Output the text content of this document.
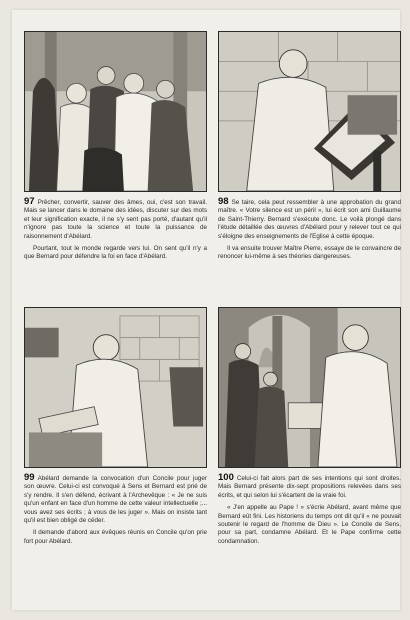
97 Prêcher, convertir, sauver des âmes, oui, c'est son travail. Mais se lancer dans le domaine des idées, discuter sur des mots et leur signification exacte, il ne s'y sent pas porté, d'autant qu'il n'ignore pas toute la science et toute la puissance de raisonnement d'Abélard.

Pourtant, tout le monde regarde vers lui. On sent qu'il n'y a que Bernard pour défendre la foi en face d'Abélard.

98 Se taire, cela peut ressembler à une approbation du grand maître. « Votre silence est un péril », lui écrit son ami Guillaume de Saint-Thierry. Bernard s'exécute donc. Le voilà plongé dans l'étude détaillée des œuvres d'Abélard pour y relever tout ce qui s'éloigne des enseignements de l'Eglise à cette époque.

Il va ensuite trouver Maître Pierre, essaye de le convaincre de renoncer lui-même à ses théories dangereuses.

99 Abélard demande la convocation d'un Concile pour juger son œuvre. Celui-ci est convoqué à Sens et Bernard est prié de s'y rendre. Il s'en défend, écrivant à l'Archevêque : « Je ne suis qu'un enfant en face d'un homme de cette valeur intellectuelle ;... vous avez ses écrits ; à vous de les juger ». Mais on insiste tant qu'il est bien obligé de céder.

Il demande d'abord aux évêques réunis en Concile qu'on prie fort pour Abélard.

100 Celui-ci fait alors part de ses intentions qui sont droites. Mais Bernard présente dix-sept propositions relevées dans ses écrits, et qui selon lui s'écartent de la vraie foi.

« J'en appelle au Pape ! » s'écrie Abélard, avant même que Bernard eût fini. Les historiens du temps ont dit qu'il « ne pouvait soutenir le regard de l'homme de Dieu ». Le Concile de Sens, pour sa part, condamne Abélard. Et le Pape confirme cette condamnation.
